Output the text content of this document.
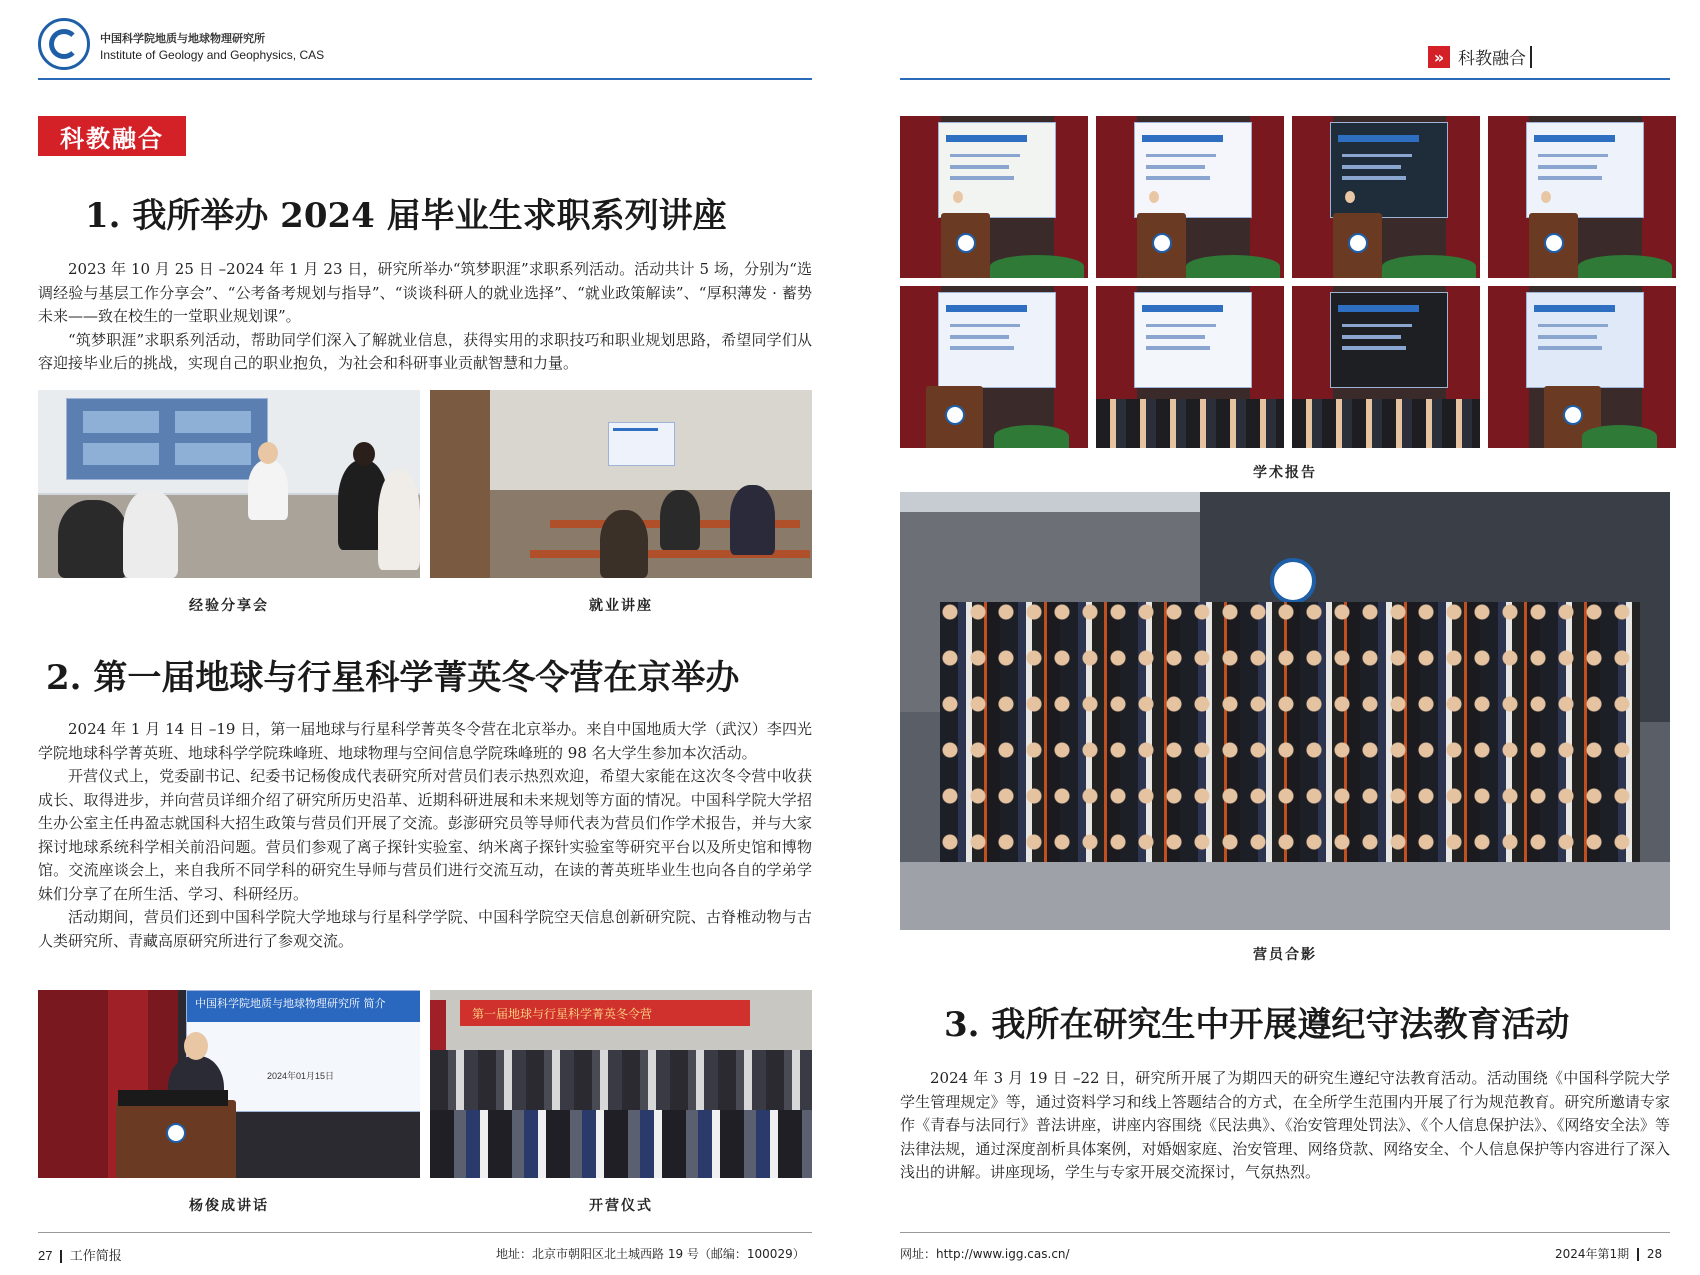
中国科学院地质与地球物理研究所
Institute of Geology and Geophysics, CAS
科教融合
1. 我所举办 2024 届毕业生求职系列讲座

2023 年 10 月 25 日 –2024 年 1 月 23 日，研究所举办“筑梦职涯”求职系列活动。活动共计 5 场，分别为“选调经验与基层工作分享会”、“公考备考规划与指导”、“谈谈科研人的就业选择”、“就业政策解读”、“厚积薄发 · 蓄势未来——致在校生的一堂职业规划课”。

“筑梦职涯”求职系列活动，帮助同学们深入了解就业信息，获得实用的求职技巧和职业规划思路，希望同学们从容迎接毕业后的挑战，实现自己的职业抱负，为社会和科研事业贡献智慧和力量。

经验分享会	就业讲座
2. 第一届地球与行星科学菁英冬令营在京举办

2024 年 1 月 14 日 –19 日，第一届地球与行星科学菁英冬令营在北京举办。来自中国地质大学（武汉）李四光学院地球科学菁英班、地球科学学院珠峰班、地球物理与空间信息学院珠峰班的 98 名大学生参加本次活动。

开营仪式上，党委副书记、纪委书记杨俊成代表研究所对营员们表示热烈欢迎，希望大家能在这次冬令营中收获成长、取得进步，并向营员详细介绍了研究所历史沿革、近期科研进展和未来规划等方面的情况。中国科学院大学招生办公室主任冉盈志就国科大招生政策与营员们开展了交流。彭澎研究员等导师代表为营员们作学术报告，并与大家探讨地球系统科学相关前沿问题。营员们参观了离子探针实验室、纳米离子探针实验室等研究平台以及所史馆和博物馆。交流座谈会上，来自我所不同学科的研究生导师与营员们进行交流互动，在读的菁英班毕业生也向各自的学弟学妹们分享了在所生活、学习、科研经历。

活动期间，营员们还到中国科学院大学地球与行星科学学院、中国科学院空天信息创新研究院、古脊椎动物与古人类研究所、青藏高原研究所进行了参观交流。

中国科学院地质与地球物理研究所 简介
2024年01月15日
杨俊成讲话
第一届地球与行星科学菁英冬令营
开营仪式
27 工作简报	地址：北京市朝阳区北土城西路 19 号（邮编：100029）
» 科教融合
学术报告
营员合影
3. 我所在研究生中开展遵纪守法教育活动

2024 年 3 月 19 日 –22 日，研究所开展了为期四天的研究生遵纪守法教育活动。活动围绕《中国科学院大学学生管理规定》等，通过资料学习和线上答题结合的方式，在全所学生范围内开展了行为规范教育。研究所邀请专家作《青春与法同行》普法讲座，讲座内容围绕《民法典》、《治安管理处罚法》、《个人信息保护法》、《网络安全法》等法律法规，通过深度剖析具体案例，对婚姻家庭、治安管理、网络贷款、网络安全、个人信息保护等内容进行了深入浅出的讲解。讲座现场，学生与专家开展交流探讨，气氛热烈。

网址：http://www.igg.cas.cn/	2024年第1期 28
